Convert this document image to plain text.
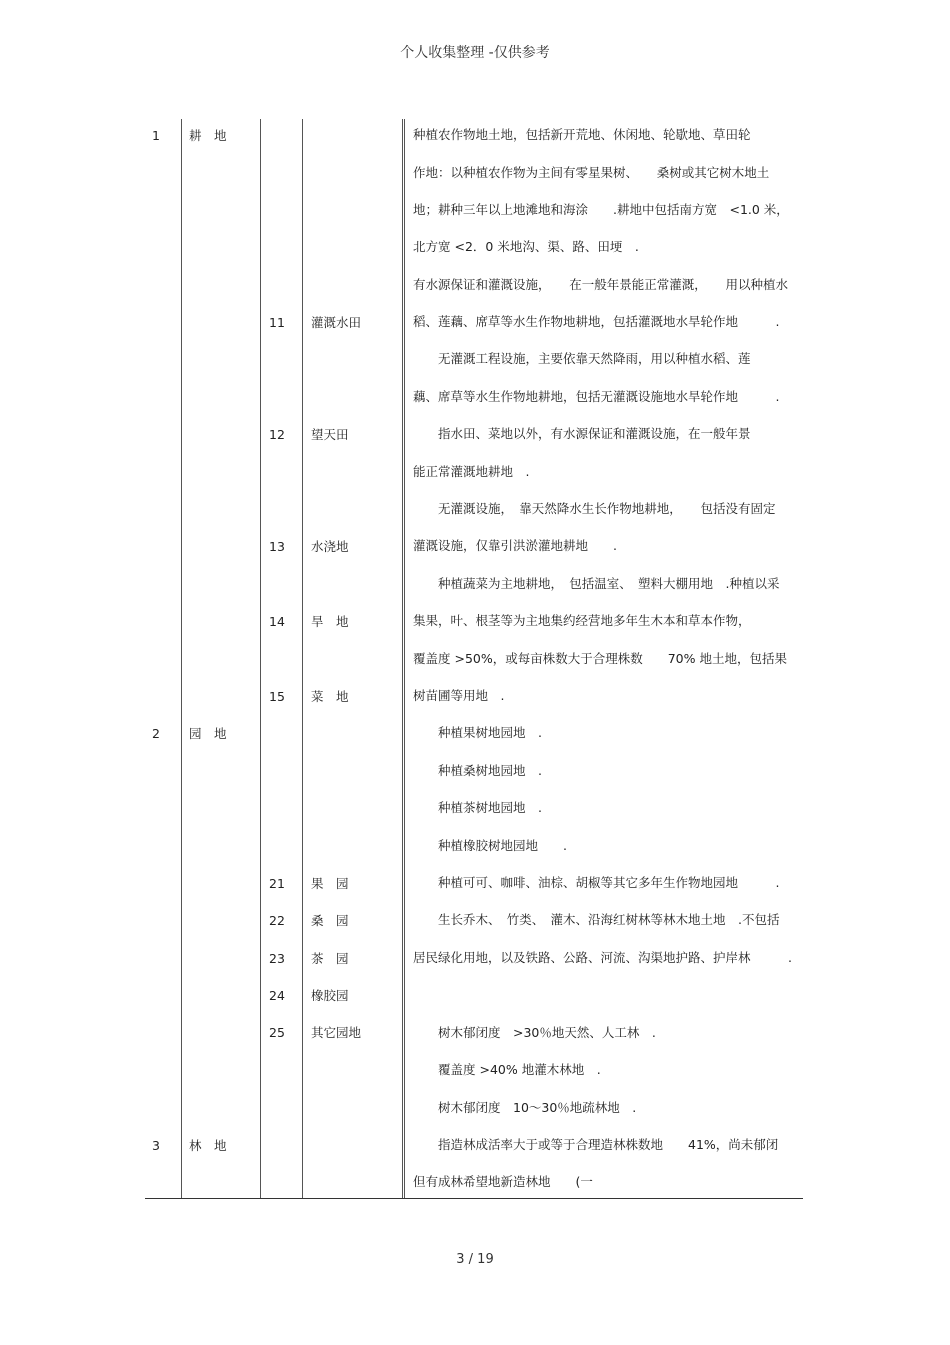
个人收集整理 -仅供参考
1 耕　地
11 灌溉水田
12 望天田
13 水浇地
14 旱　地
15 菜　地
2 园　地
21 果　园
22 桑　园
23 茶　园
24 橡胶园
25 其它园地
3 林　地
种植农作物地土地，包括新开荒地、休闲地、轮歇地、草田轮
作地：以种植农作物为主间有零星果树、　　桑树或其它树木地土
地；耕种三年以上地滩地和海涂　　.耕地中包括南方宽　<1.0 米，
北方宽 <2．0 米地沟、渠、路、田埂　.
有水源保证和灌溉设施，　　在一般年景能正常灌溉，　　用以种植水
稻、莲藕、席草等水生作物地耕地，包括灌溉地水旱轮作地　　　.
　　无灌溉工程设施，主要依靠天然降雨，用以种植水稻、莲
藕、席草等水生作物地耕地，包括无灌溉设施地水旱轮作地　　　.
　　指水田、菜地以外，有水源保证和灌溉设施，在一般年景
能正常灌溉地耕地　.
　　无灌溉设施，　靠天然降水生长作物地耕地，　　包括没有固定
灌溉设施，仅靠引洪淤灌地耕地　　.
　　种植蔬菜为主地耕地，　包括温室、　塑料大棚用地　.种植以采
集果，叶、根茎等为主地集约经营地多年生木本和草本作物，
覆盖度 >50%，或每亩株数大于合理株数　　70% 地土地，包括果
树苗圃等用地　.
　　种植果树地园地　.
　　种植桑树地园地　.
　　种植茶树地园地　.
　　种植橡胶树地园地　　.
　　种植可可、咖啡、油棕、胡椒等其它多年生作物地园地　　　.
　　生长乔木、　竹类、　灌木、沿海红树林等林木地土地　.不包括
居民绿化用地，以及铁路、公路、河流、沟渠地护路、护岸林　　　.
　　树木郁闭度　>30％地天然、人工林　.
　　覆盖度 >40% 地灌木林地　.
　　树木郁闭度　10～30％地疏林地　.
　　指造林成活率大于或等于合理造林株数地　　41%，尚未郁闭
但有成林希望地新造林地　　(一
3 / 19
